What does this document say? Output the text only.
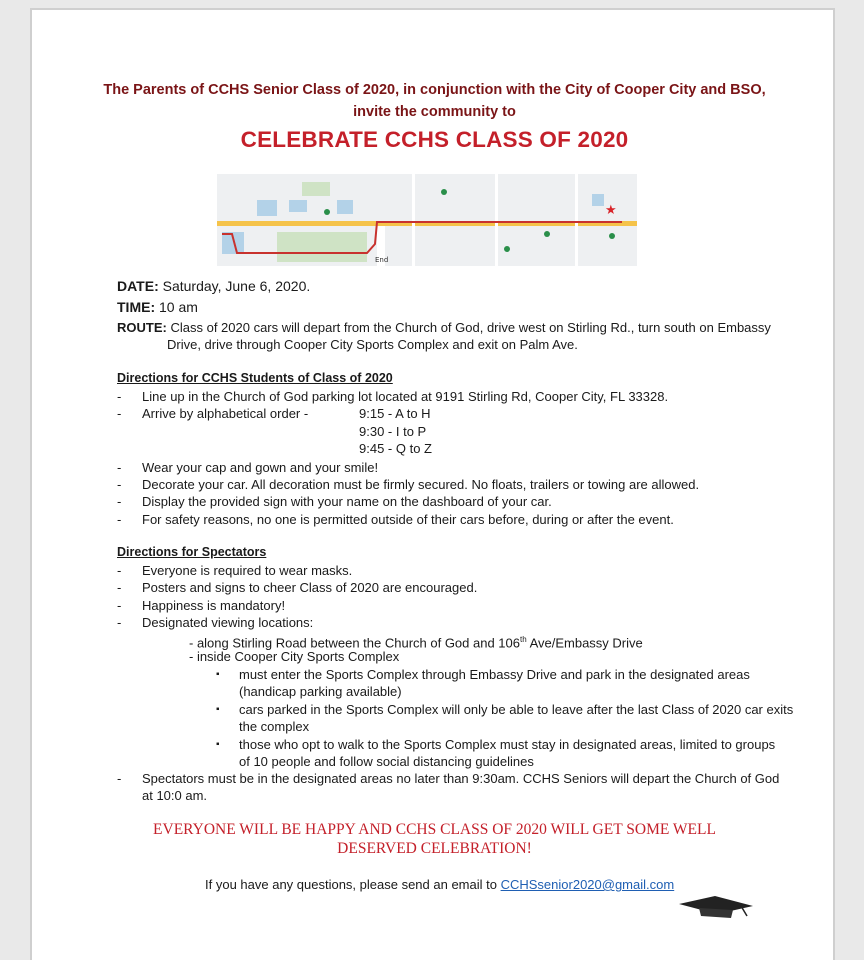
The Parents of CCHS Senior Class of 2020, in conjunction with the City of Cooper City and BSO,
invite the community to
CELEBRATE CCHS CLASS OF 2020
★
End
DATE: Saturday, June 6, 2020.
TIME: 10 am
ROUTE: Class of 2020 cars will depart from the Church of God, drive west on Stirling Rd., turn south on Embassy
Drive, drive through Cooper City Sports Complex and exit on Palm Ave.
Directions for CCHS Students of Class of 2020
-	Line up in the Church of God parking lot located at 9191 Stirling Rd, Cooper City, FL 33328.
-	Arrive by alphabetical order -	9:15 - A to H
9:30 - I to P
9:45 - Q to Z
-	Wear your cap and gown and your smile!
-	Decorate your car. All decoration must be firmly secured. No floats, trailers or towing are allowed.
-	Display the provided sign with your name on the dashboard of your car.
-	For safety reasons, no one is permitted outside of their cars before, during or after the event.
Directions for Spectators
-	Everyone is required to wear masks.
-	Posters and signs to cheer Class of 2020 are encouraged.
-	Happiness is mandatory!
-	Designated viewing locations:
- along Stirling Road between the Church of God and 106th Ave/Embassy Drive
- inside Cooper City Sports Complex
▪ must enter the Sports Complex through Embassy Drive and park in the designated areas
(handicap parking available)
▪ cars parked in the Sports Complex will only be able to leave after the last Class of 2020 car exits
the complex
▪ those who opt to walk to the Sports Complex must stay in designated areas, limited to groups
of 10 people and follow social distancing guidelines
-	Spectators must be in the designated areas no later than 9:30am. CCHS Seniors will depart the Church of God
at 10:0 am.
EVERYONE WILL BE HAPPY AND CCHS CLASS OF 2020 WILL GET SOME WELL
DESERVED CELEBRATION!
If you have any questions, please send an email to CCHSsenior2020@gmail.com
